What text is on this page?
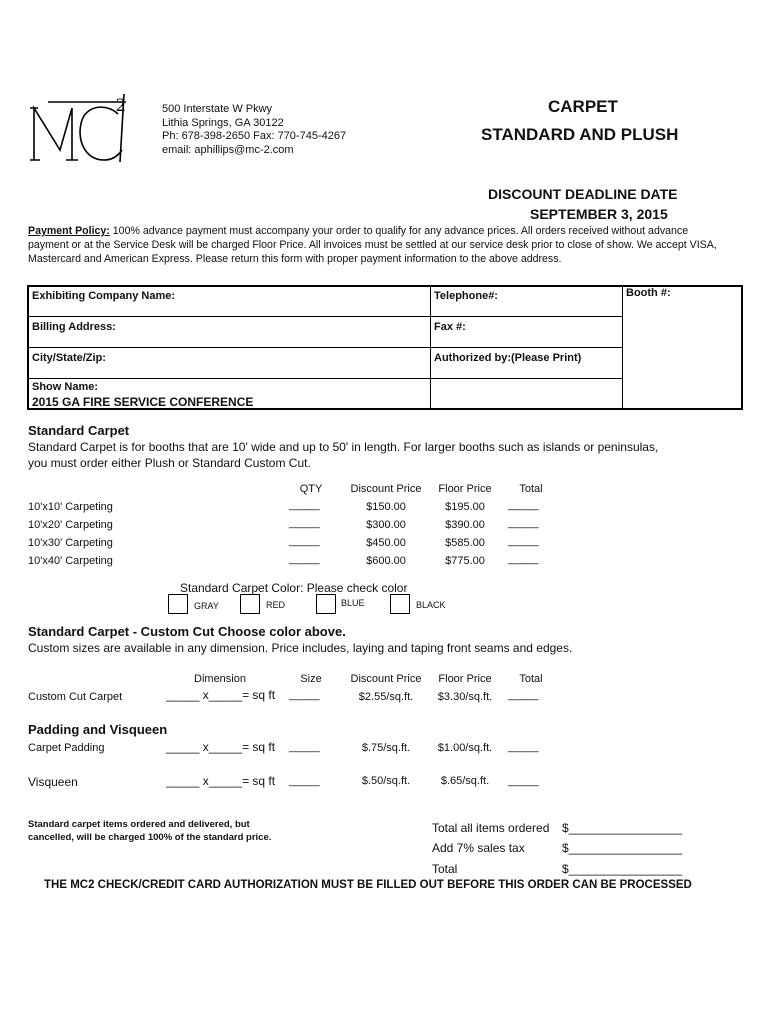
2	500 Interstate W Pkwy
Lithia Springs, GA 30122
Ph: 678-398-2650 Fax: 770-745-4267
email: aphillips@mc-2.com
CARPET
STANDARD AND PLUSH
DISCOUNT DEADLINE DATE
SEPTEMBER 3, 2015
Payment Policy: 100% advance payment must accompany your order to qualify for any advance prices. All orders received without advance payment or at the Service Desk will be charged Floor Price. All invoices must be settled at our service desk prior to close of show. We accept VISA, Mastercard and American Express. Please return this form with proper payment information to the above address.
Exhibiting Company Name:	Telephone#:	Booth #:
Billing Address:	Fax #:
City/State/Zip:	Authorized by:(Please Print)
Show Name:
2015 GA FIRE SERVICE CONFERENCE
Standard Carpet
Standard Carpet is for booths that are 10' wide and up to 50' in length. For larger booths such as islands or peninsulas,
you must order either Plush or Standard Custom Cut.
QTY	Discount Price	Floor Price	Total
10'x10' Carpeting	_____	$150.00	$195.00	_____
10'x20' Carpeting	_____	$300.00	$390.00	_____
10'x30' Carpeting	_____	$450.00	$585.00	_____
10'x40' Carpeting	_____	$600.00	$775.00	_____
Standard Carpet Color: Please check color
GRAY	RED	BLUE	BLACK
Standard Carpet - Custom Cut Choose color above.
Custom sizes are available in any dimension. Price includes, laying and taping front seams and edges.
Dimension	Size	Discount Price	Floor Price	Total
Custom Cut Carpet	_____ x_____= sq ft _____	$2.55/sq.ft.	$3.30/sq.ft.	_____
Padding and Visqueen
Carpet Padding	_____ x_____= sq ft _____	$.75/sq.ft.	$1.00/sq.ft.	_____
Visqueen	_____ x_____= sq ft _____	$.50/sq.ft.	$.65/sq.ft.	_____
Standard carpet items ordered and delivered, but
cancelled, will be charged 100% of the standard price.
Total all items ordered $_________________
Add 7% sales tax	$_________________
Total	$_________________
THE MC2 CHECK/CREDIT CARD AUTHORIZATION MUST BE FILLED OUT BEFORE THIS ORDER CAN BE PROCESSED
